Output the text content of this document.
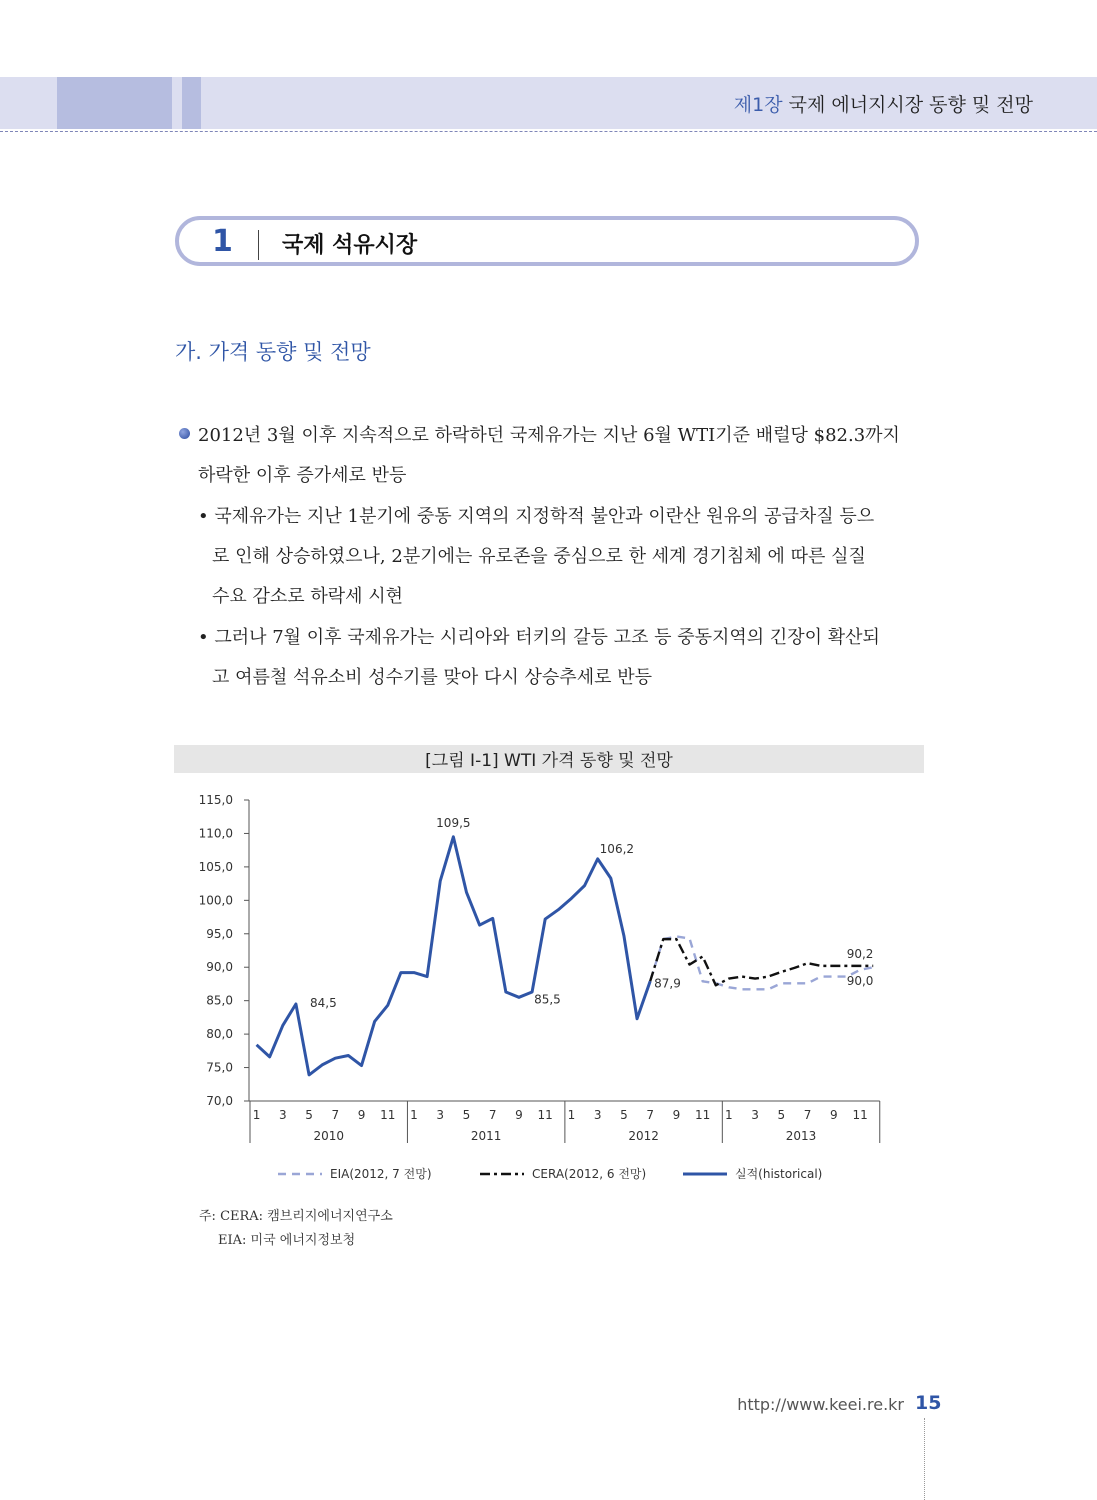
제1장 국제 에너지시장 동향 및 전망
1 국제 석유시장
가. 가격 동향 및 전망
2012년 3월 이후 지속적으로 하락하던 국제유가는 지난 6월 WTI기준 배럴당 $82.3까지
하락한 이후 증가세로 반등
• 국제유가는 지난 1분기에 중동 지역의 지정학적 불안과 이란산 원유의 공급차질 등으
로 인해 상승하였으나, 2분기에는 유로존을 중심으로 한 세계 경기침체 에 따른 실질
수요 감소로 하락세 시현
• 그러나 7월 이후 국제유가는 시리아와 터키의 갈등 고조 등 중동지역의 긴장이 확산되
고 여름철 석유소비 성수기를 맞아 다시 상승추세로 반등
[그림 Ⅰ-1] WTI 가격 동향 및 전망
115,0
110,0
105,0
100,0
95,0
90,0
85,0
80,0
75,0
70,0
1 3 5 7 9 11 1 3 5 7 9 11 1 3 5 7 9 11 1 3 5 7 9 11
2010	2011	2012	2013
84,5
109,5
85,5
106,2
87,9
90,2
90,0
EIA(2012, 7 전망)	CERA(2012, 6 전망)	실적(historical)
주: CERA: 캠브리지에너지연구소
EIA: 미국 에너지정보청
http://www.keei.re.kr 15
